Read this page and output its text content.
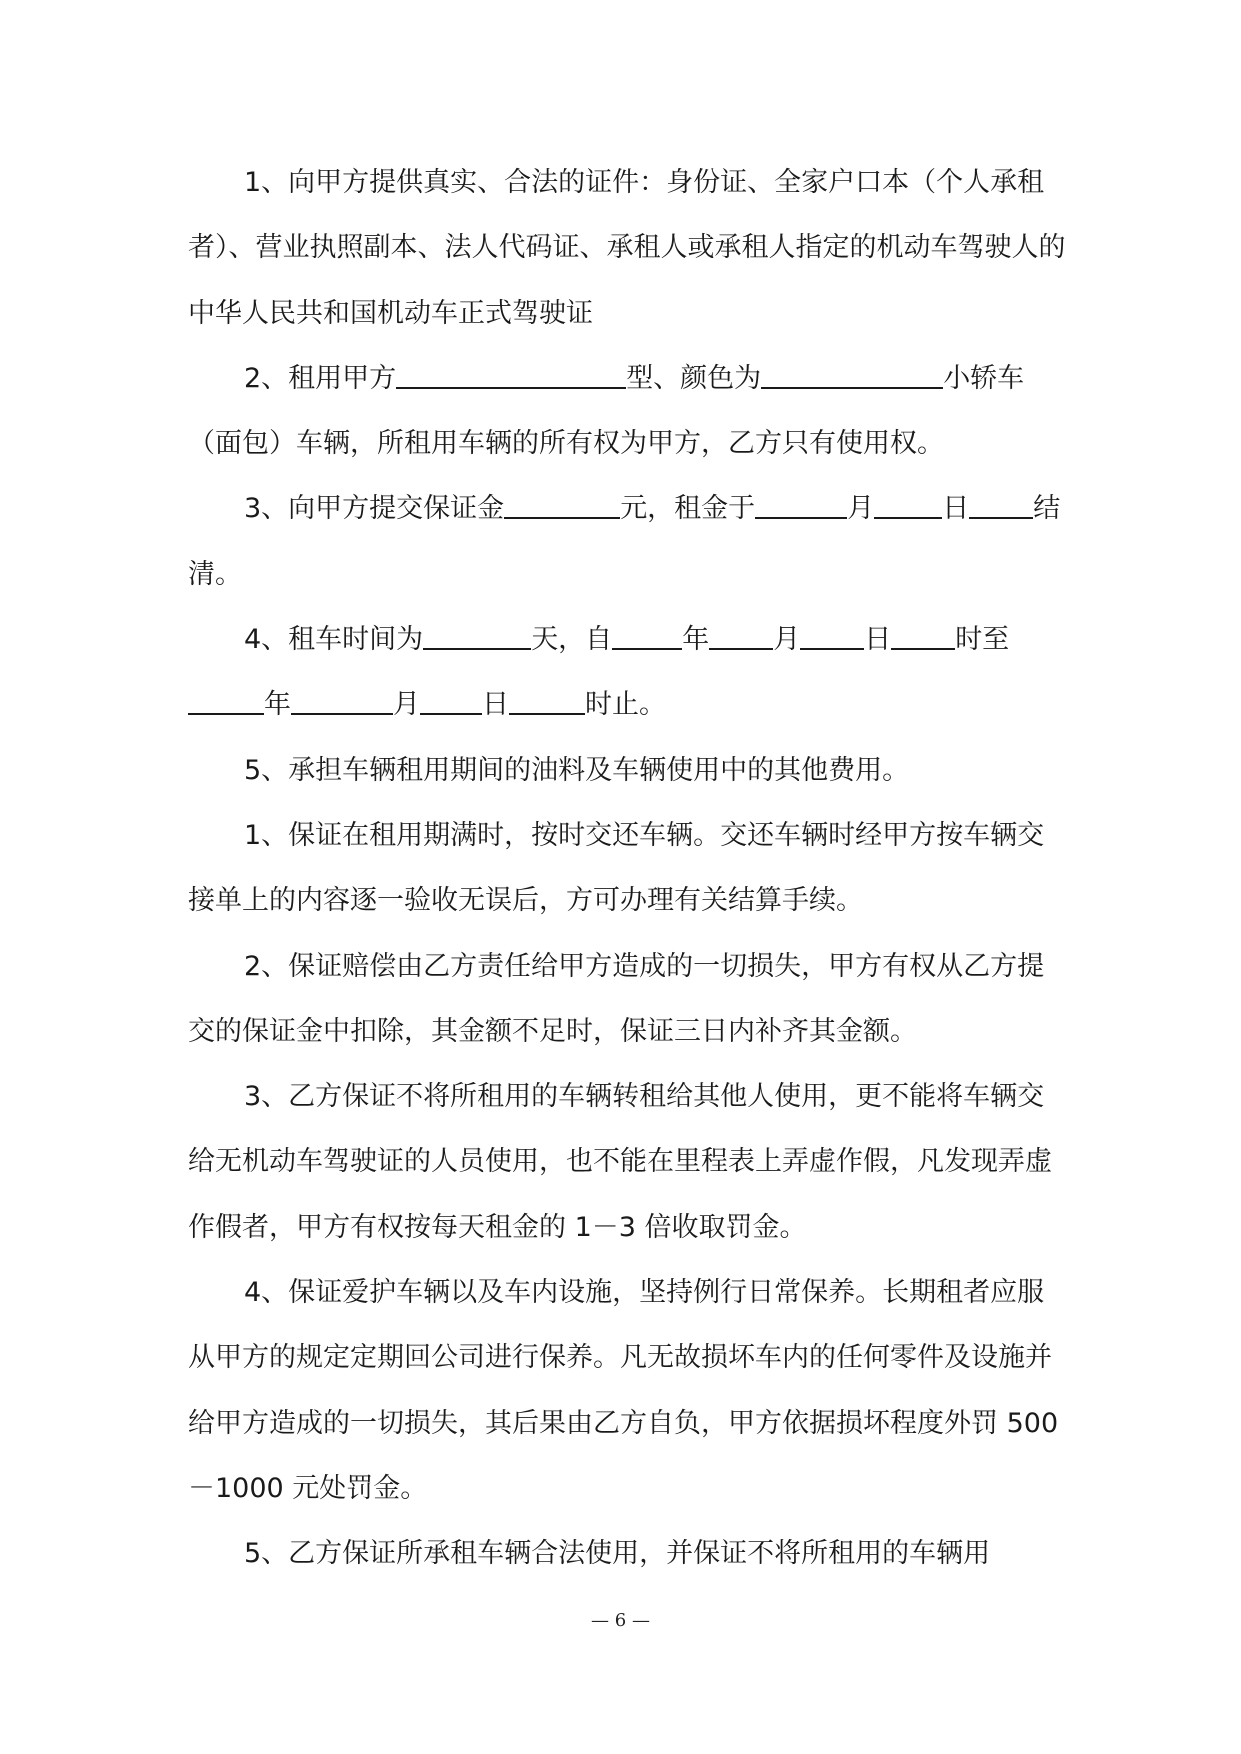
1、向甲方提供真实、合法的证件：身份证、全家户口本（个人承租者）、营业执照副本、法人代码证、承租人或承租人指定的机动车驾驶人的中华人民共和国机动车正式驾驶证

2、租用甲方	型、颜色为	小轿车（面包）车辆，所租用车辆的所有权为甲方，乙方只有使用权。

3、向甲方提交保证金	元，租金于	月	日 结清。

4、租车时间为	天，自	年 月 日 时至年	月 日	时止。

5、承担车辆租用期间的油料及车辆使用中的其他费用。

1、保证在租用期满时，按时交还车辆。交还车辆时经甲方按车辆交接单上的内容逐一验收无误后，方可办理有关结算手续。

2、保证赔偿由乙方责任给甲方造成的一切损失，甲方有权从乙方提交的保证金中扣除，其金额不足时，保证三日内补齐其金额。

3、乙方保证不将所租用的车辆转租给其他人使用，更不能将车辆交给无机动车驾驶证的人员使用，也不能在里程表上弄虚作假，凡发现弄虚作假者，甲方有权按每天租金的 1－3 倍收取罚金。

4、保证爱护车辆以及车内设施，坚持例行日常保养。长期租者应服从甲方的规定定期回公司进行保养。凡无故损坏车内的任何零件及设施并给甲方造成的一切损失，其后果由乙方自负，甲方依据损坏程度外罚 500－1000 元处罚金。

5、乙方保证所承租车辆合法使用，并保证不将所租用的车辆用

— 6 —
